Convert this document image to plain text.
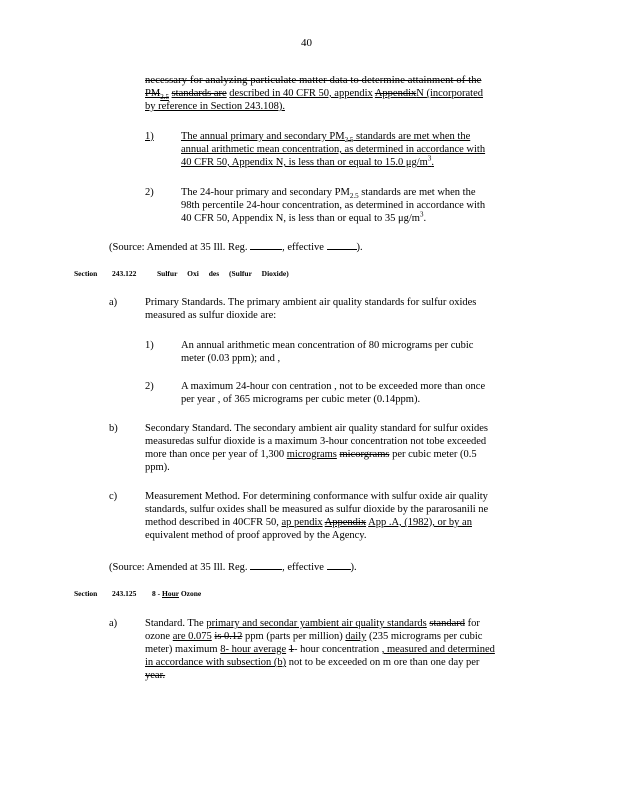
40
necessary for analyzing particulate matter data to determine attainment of the
$PM_{2.5}$ standards are described in 40 CFR 50, appendix AppendixN (incorporated
by reference in Section 243.108).
1)	The annual primary and secondary $PM_{2.5}$ standards are met when the
annual arithmetic mean concentration, as determined in accordance with
40 CFR 50, Appendix N, is less than or equal to 15.0 $\mu g/m^3$.
2)	The 24-hour primary and secondary $PM_{2.5}$ standards are met when the
98th percentile 24-hour concentration, as determined in accordance with
40 CFR 50, Appendix N, is less than or equal to 35 $\mu g/m^3$.
(Source: Amended at 35 Ill. Reg.	, effective	).
Section 243.122	Sulfur Oxi des (Sulfur Dioxide)
a)	Primary Standards. The primary ambient air quality standards for sulfur oxides
measured as sulfur dioxide are:
1)	An annual arithmetic mean concentration of 80 micrograms per cubic
meter (0.03 ppm); and ,
2)	A maximum 24-hour con centration , not to be exceeded more than once
per year , of 365 micrograms per cubic meter (0.14ppm).
b)	Secondary Standard. The secondary ambient air quality standard for sulfur oxides
measuredas sulfur dioxide is a maximum 3-hour concentration not tobe exceeded
more than once per year of 1,300 micrograms micorgrams per cubic meter (0.5
ppm).
c)	Measurement Method. For determining conformance with sulfur oxide air quality
standards, sulfur oxides shall be measured as sulfur dioxide by the pararosanili ne
method described in 40CFR 50, ap pendix Appendix App .A, (1982), or by an
equivalent method of proof approved by the Agency.
(Source: Amended at 35 Ill. Reg.	, effective	).
Section 243.125 8 - Hour Ozone
a)	Standard. The primary and secondar yambient air quality standards standard for
ozone are 0.075 is 0.12 ppm (parts per million) daily (235 micrograms per cubic
meter) maximum 8- hour average 1- hour concentration , measured and determined
in accordance with subsection (b) not to be exceeded on m ore than one day per
year.
